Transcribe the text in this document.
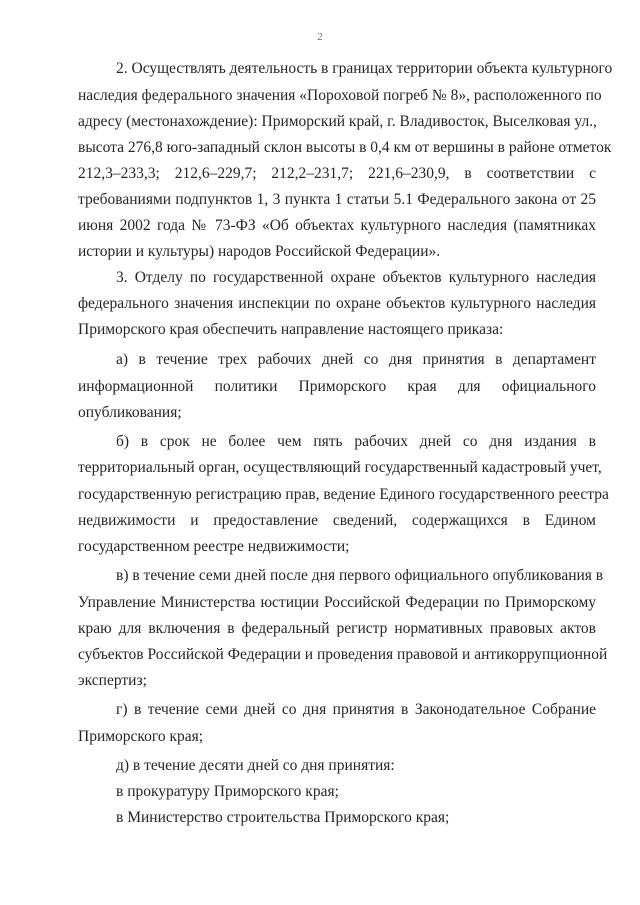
2
2. Осуществлять деятельность в границах территории объекта культурного
наследия федерального значения «Пороховой погреб № 8», расположенного по
адресу (местонахождение): Приморский край, г. Владивосток, Выселковая ул.,
высота 276,8 юго-западный склон высоты в 0,4 км от вершины в районе отметок
212,3–233,3; 212,6–229,7; 212,2–231,7; 221,6–230,9, в соответствии с
требованиями подпунктов 1, 3 пункта 1 статьи 5.1 Федерального закона от 25
июня 2002 года № 73-ФЗ «Об объектах культурного наследия (памятниках
истории и культуры) народов Российской Федерации».
3. Отделу по государственной охране объектов культурного наследия
федерального значения инспекции по охране объектов культурного наследия
Приморского края обеспечить направление настоящего приказа:
а) в течение трех рабочих дней со дня принятия в департамент
информационной политики Приморского края для официального
опубликования;
б) в срок не более чем пять рабочих дней со дня издания в
территориальный орган, осуществляющий государственный кадастровый учет,
государственную регистрацию прав, ведение Единого государственного реестра
недвижимости и предоставление сведений, содержащихся в Едином
государственном реестре недвижимости;
в) в течение семи дней после дня первого официального опубликования в
Управление Министерства юстиции Российской Федерации по Приморскому
краю для включения в федеральный регистр нормативных правовых актов
субъектов Российской Федерации и проведения правовой и антикоррупционной
экспертиз;
г) в течение семи дней со дня принятия в Законодательное Собрание
Приморского края;
д) в течение десяти дней со дня принятия:
в прокуратуру Приморского края;
в Министерство строительства Приморского края;
